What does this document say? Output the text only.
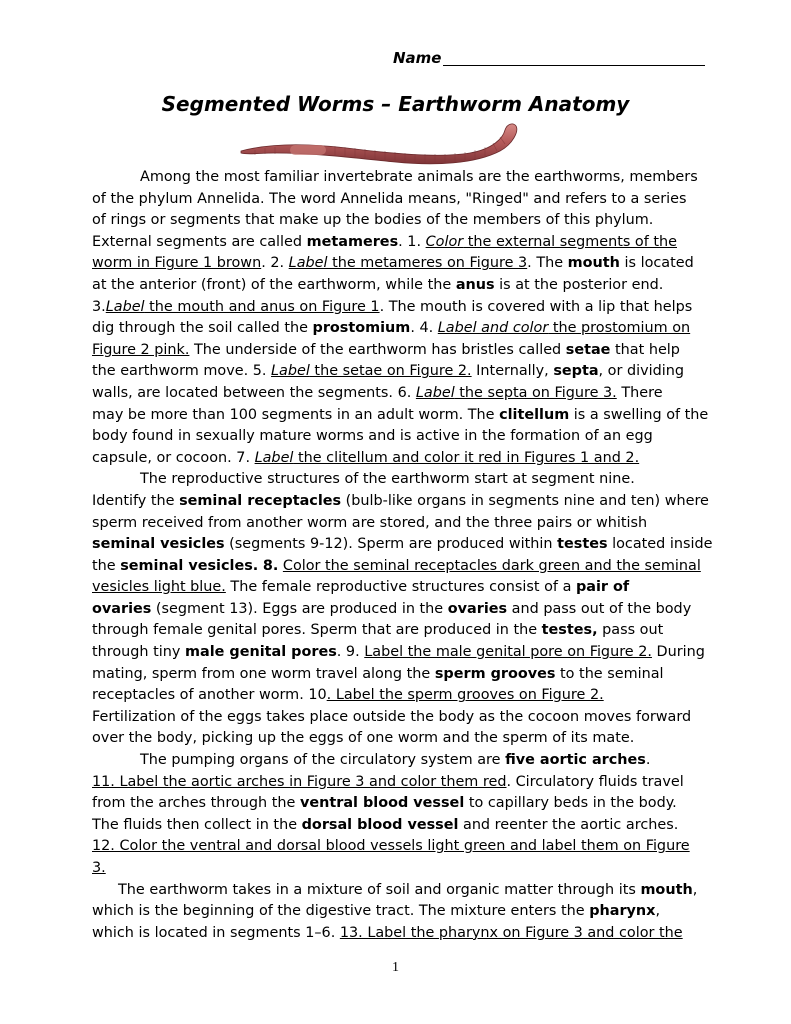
Name
Segmented Worms – Earthworm Anatomy
Among the most familiar invertebrate animals are the earthworms, members
of the phylum Annelida. The word Annelida means, "Ringed" and refers to a series
of rings or segments that make up the bodies of the members of this phylum.
External segments are called metameres. 1. Color the external segments of the
worm in Figure 1 brown. 2. Label the metameres on Figure 3. The mouth is located
at the anterior (front) of the earthworm, while the anus is at the posterior end.
3.Label the mouth and anus on Figure 1. The mouth is covered with a lip that helps
dig through the soil called the prostomium. 4. Label and color the prostomium on
Figure 2 pink. The underside of the earthworm has bristles called setae that help
the earthworm move. 5. Label the setae on Figure 2. Internally, septa, or dividing
walls, are located between the segments. 6. Label the septa on Figure 3. There
may be more than 100 segments in an adult worm. The clitellum is a swelling of the
body found in sexually mature worms and is active in the formation of an egg
capsule, or cocoon. 7. Label the clitellum and color it red in Figures 1 and 2.
The reproductive structures of the earthworm start at segment nine.
Identify the seminal receptacles (bulb-like organs in segments nine and ten) where
sperm received from another worm are stored, and the three pairs or whitish
seminal vesicles (segments 9-12). Sperm are produced within testes located inside
the seminal vesicles. 8. Color the seminal receptacles dark green and the seminal
vesicles light blue. The female reproductive structures consist of a pair of
ovaries (segment 13). Eggs are produced in the ovaries and pass out of the body
through female genital pores. Sperm that are produced in the testes, pass out
through tiny male genital pores. 9. Label the male genital pore on Figure 2. During
mating, sperm from one worm travel along the sperm grooves to the seminal
receptacles of another worm. 10. Label the sperm grooves on Figure 2.
Fertilization of the eggs takes place outside the body as the cocoon moves forward
over the body, picking up the eggs of one worm and the sperm of its mate.
The pumping organs of the circulatory system are five aortic arches.
11. Label the aortic arches in Figure 3 and color them red. Circulatory fluids travel
from the arches through the ventral blood vessel to capillary beds in the body.
The fluids then collect in the dorsal blood vessel and reenter the aortic arches.
12. Color the ventral and dorsal blood vessels light green and label them on Figure
3.
The earthworm takes in a mixture of soil and organic matter through its mouth,
which is the beginning of the digestive tract. The mixture enters the pharynx,
which is located in segments 1–6. 13. Label the pharynx on Figure 3 and color the
1
